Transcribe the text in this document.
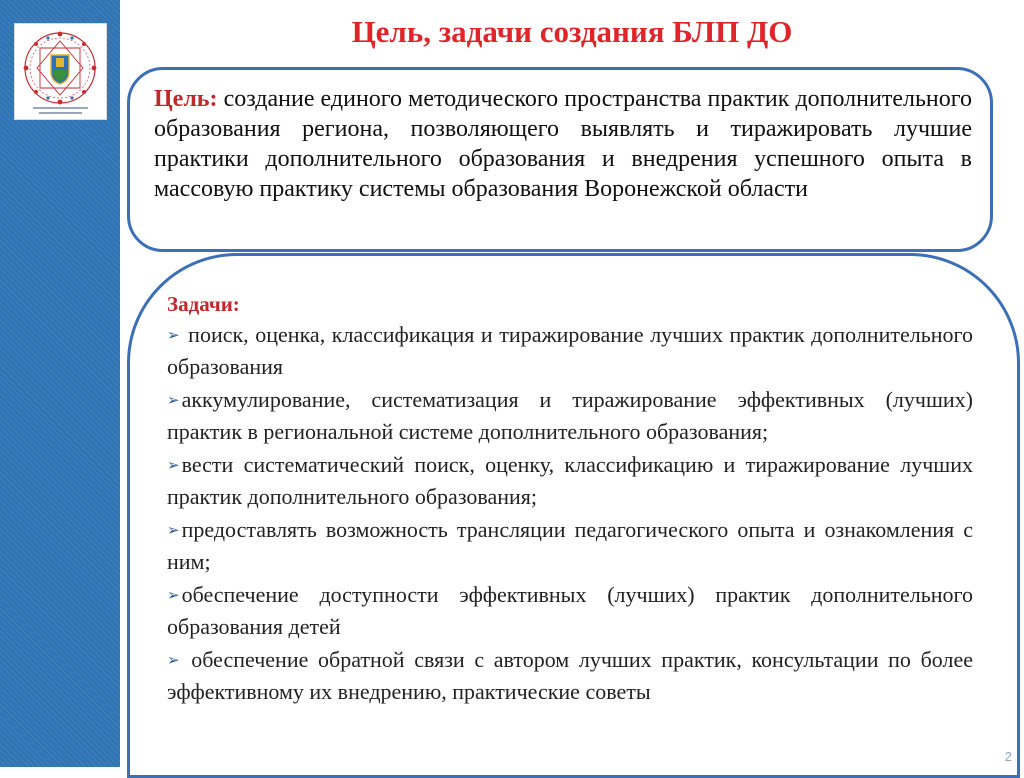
Цель, задачи создания БЛП ДО

Цель: создание единого методического пространства практик дополнительного образования региона, позволяющего выявлять и тиражировать лучшие практики дополнительного образования и внедрения успешного опыта в массовую практику системы образования Воронежской области

Задачи:
➢ поиск, оценка, классификация и тиражирование лучших практик дополнительного образования
➢аккумулирование, систематизация и тиражирование эффективных (лучших) практик в региональной системе дополнительного образования;
➢вести систематический поиск, оценку, классификацию и тиражирование лучших практик дополнительного образования;
➢предоставлять возможность трансляции педагогического опыта и ознакомления с ним;
➢обеспечение доступности эффективных (лучших) практик дополнительного образования детей
➢ обеспечение обратной связи с автором лучших практик, консультации по более эффективному их внедрению, практические советы
2
